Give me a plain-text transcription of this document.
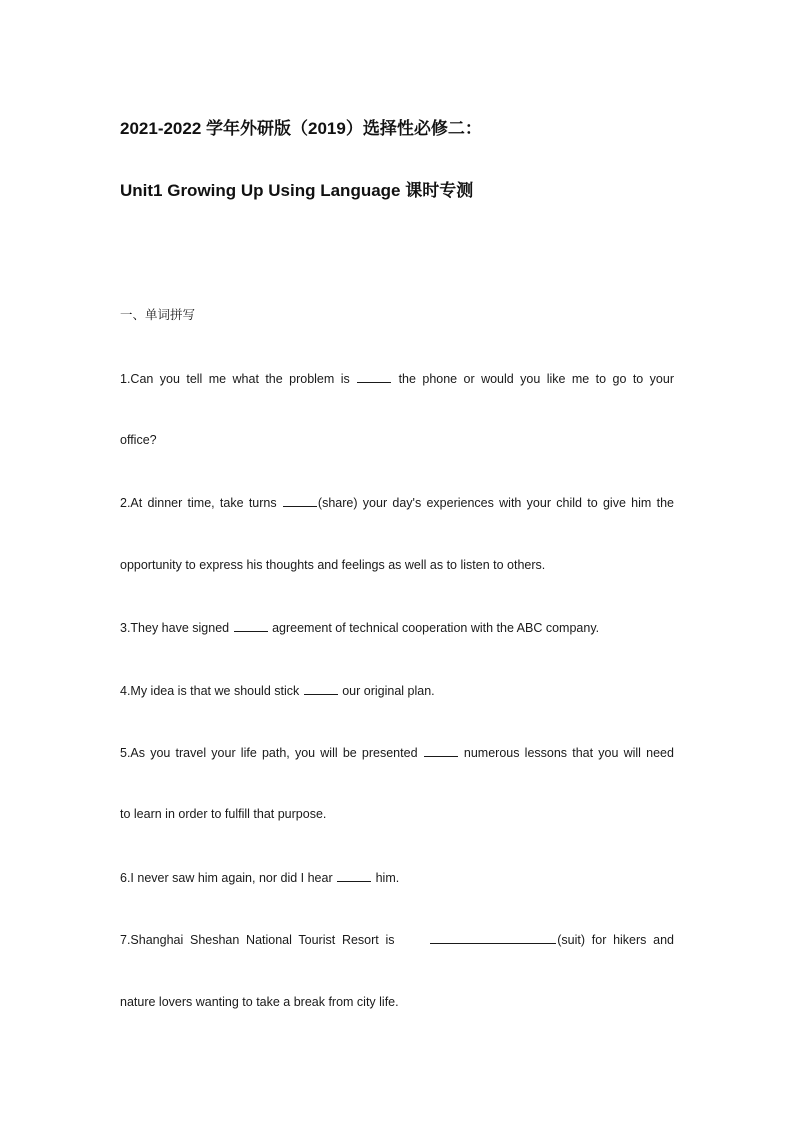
2021-2022 学年外研版（2019）选择性必修二：
Unit1 Growing Up Using Language 课时专测
一、单词拼写
1.Can you tell me what the problem is	the phone or would you like me to go to your
office?
2.At dinner time, take turns	(share) your day's experiences with your child to give him the
opportunity to express his thoughts and feelings as well as to listen to others.
3.They have signed	agreement of technical cooperation with the ABC company.
4.My idea is that we should stick	our original plan.
5.As you travel your life path, you will be presented	numerous lessons that you will need
to learn in order to fulfill that purpose.
6.I never saw him again, nor did I hear	him.
7.Shanghai Sheshan National Tourist Resort is	(suit) for hikers and
nature lovers wanting to take a break from city life.
